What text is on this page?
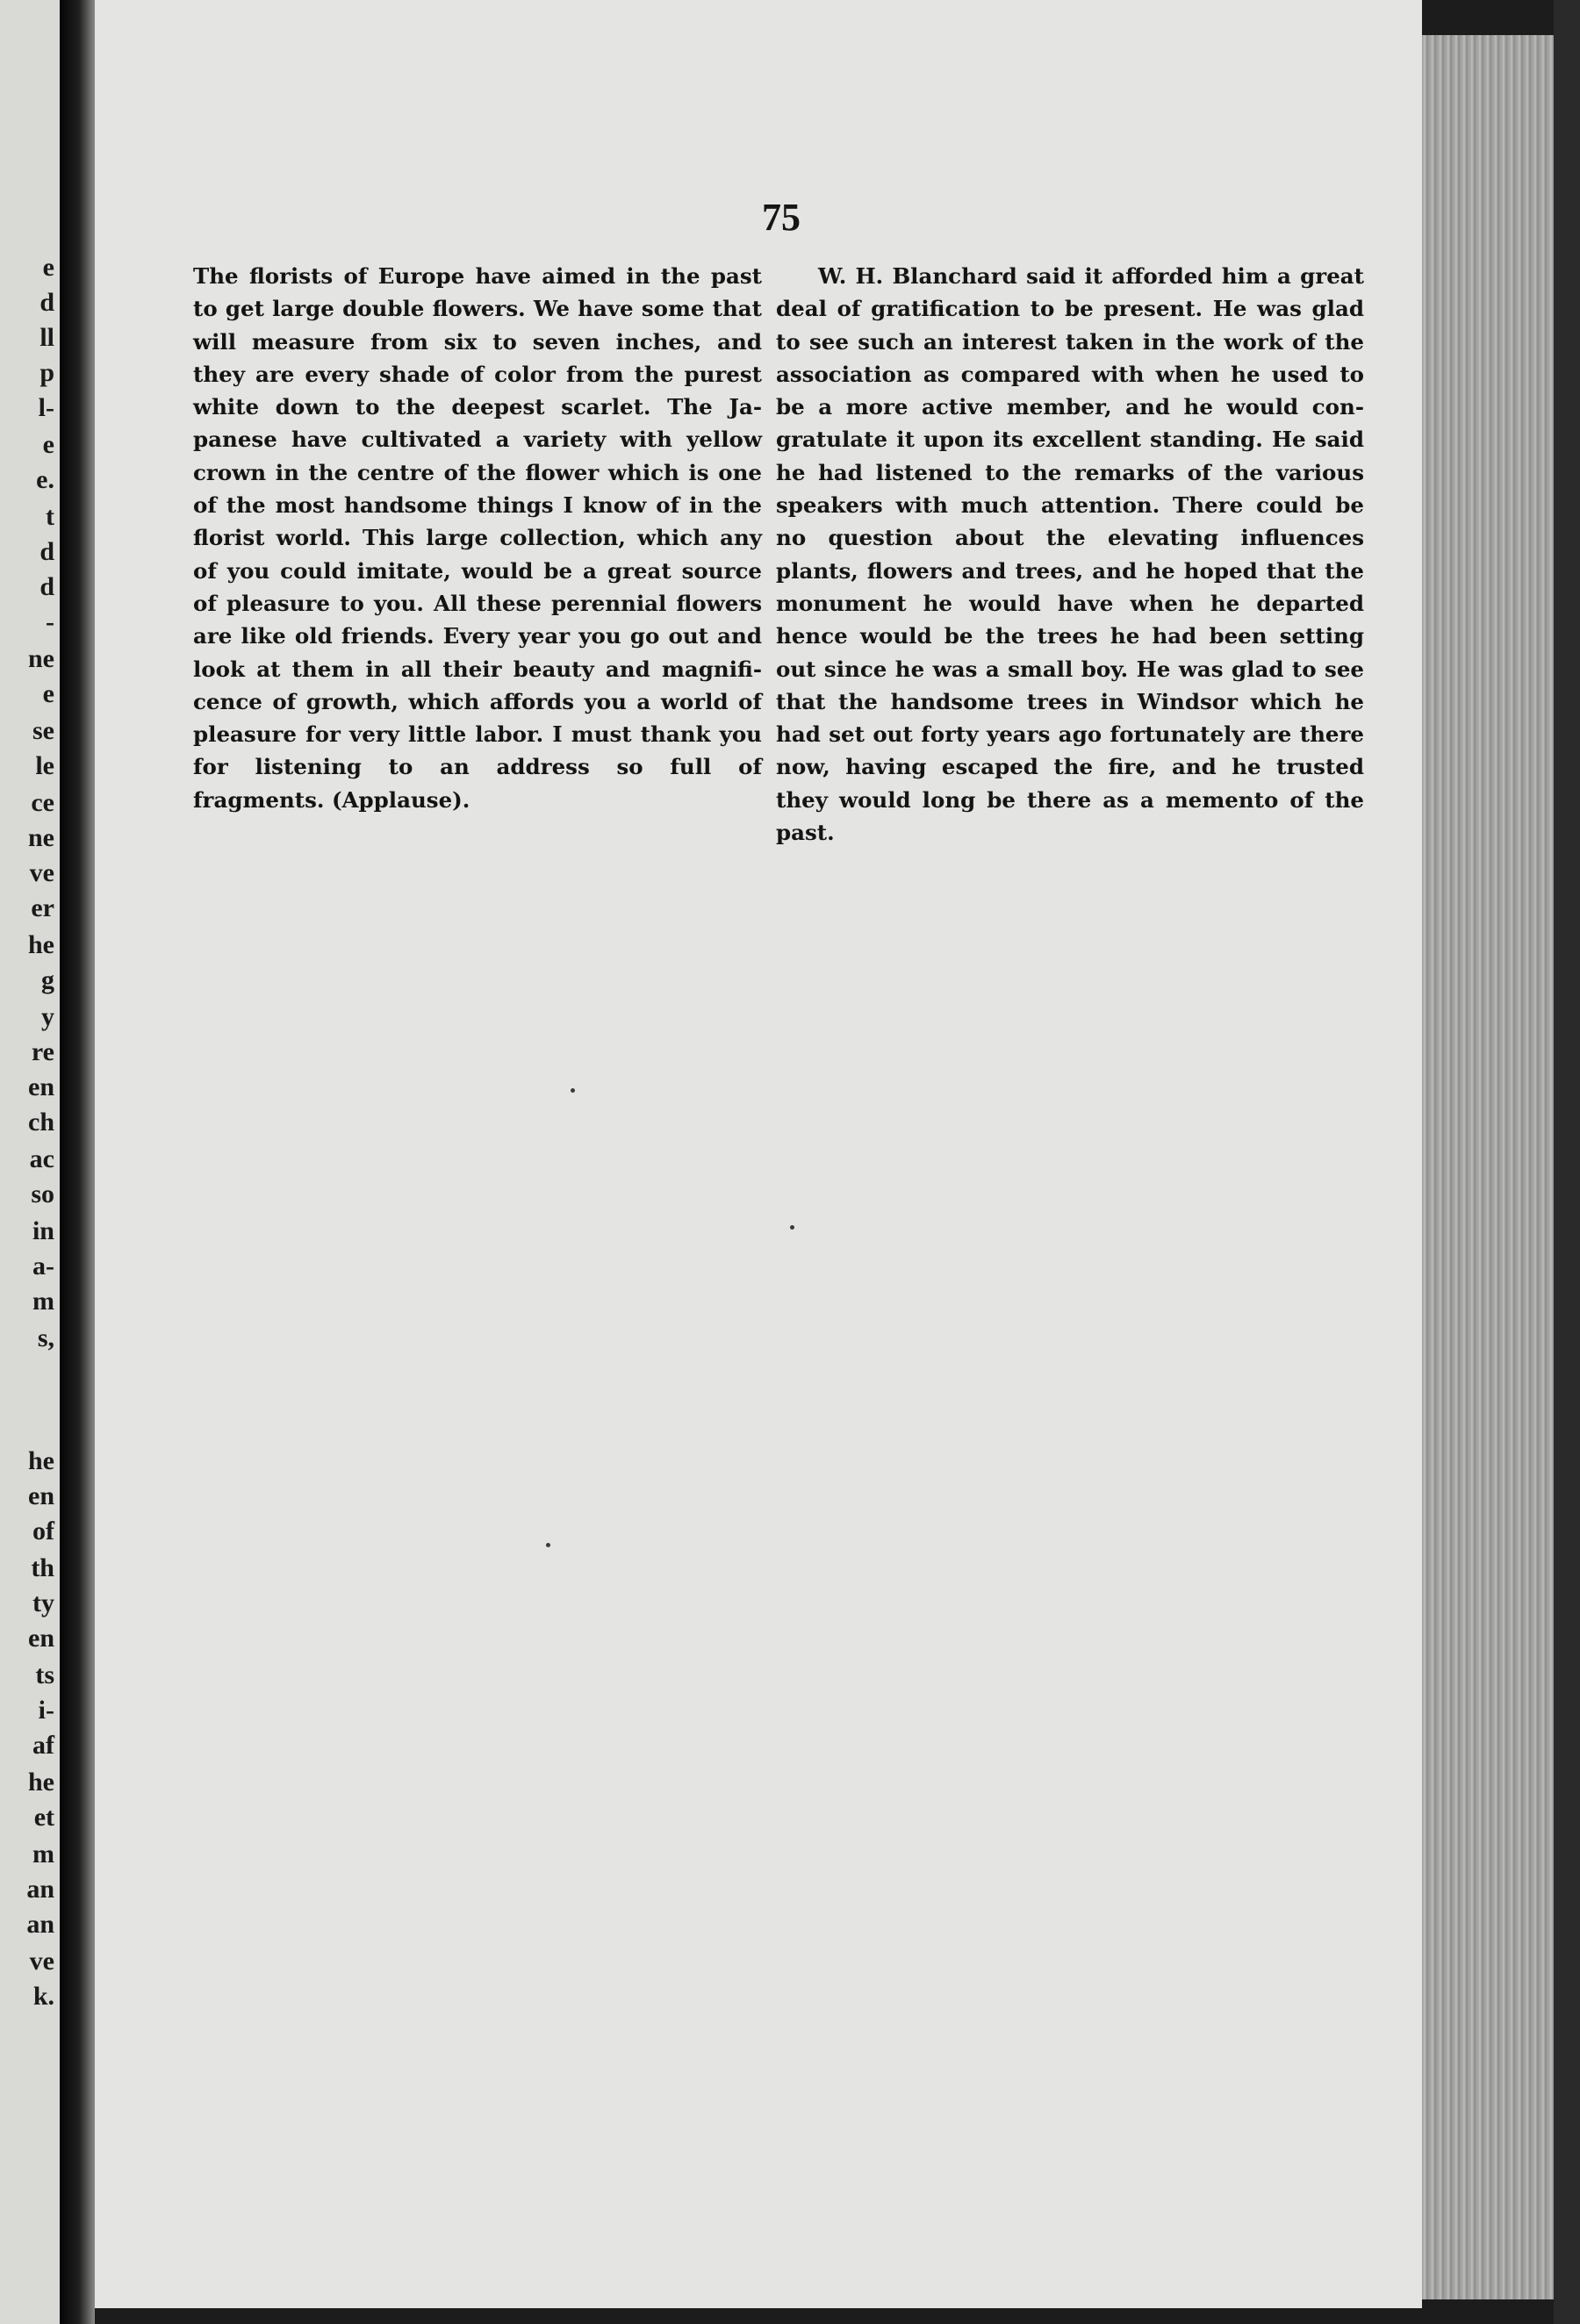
e
d
ll
p
l-
e
e.
t
d
d
-
ne
e
se
le
ce
ne
ve
er
he
g
y
re
en
ch
ac
so
in
a-
m
s,
he
en
of
th
ty
en
ts
i-
af
he
et
m
an
an
ve
k.
75
The florists of Europe have aimed in the past to get large double flowers. We have some that will measure from six to seven inches, and they are every shade of color from the purest white down to the deepest scarlet. The Japanese have cultivated a variety with yellow crown in the centre of the flower which is one of the most handsome things I know of in the florist world. This large collection, which any of you could imitate, would be a great source of pleasure to you. All these perennial flowers are like old friends. Every year you go out and look at them in all their beauty and magnificence of growth, which affords you a world of pleasure for very little labor. I must thank you for listening to an address so full of fragments. (Applause).
W. H. Blanchard said it afforded him a great deal of gratification to be present. He was glad to see such an interest taken in the work of the association as compared with when he used to be a more active member, and he would congratulate it upon its excellent standing. He said he had listened to the remarks of the various speakers with much attention. There could be no question about the elevating influences plants, flowers and trees, and he hoped that the monument he would have when he departed hence would be the trees he had been setting out since he was a small boy. He was glad to see that the handsome trees in Windsor which he had set out forty years ago fortunately are there now, having escaped the fire, and he trusted they would long be there as a memento of the past.
